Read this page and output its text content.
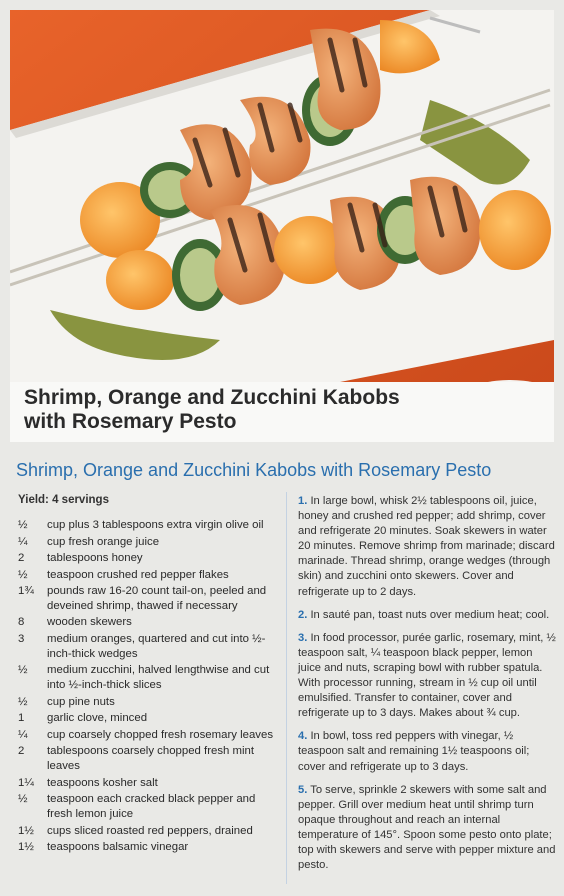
Shrimp, Orange and Zucchini Kabobs
with Rosemary Pesto
Shrimp, Orange and Zucchini Kabobs with Rosemary Pesto
Yield: 4 servings
½	cup plus 3 tablespoons extra virgin olive oil
¼	cup fresh orange juice
2	tablespoons honey
½	teaspoon crushed red pepper flakes
1¾	pounds raw 16-20 count tail-on, peeled and deveined shrimp, thawed if necessary
8	wooden skewers
3	medium oranges, quartered and cut into ½-inch-thick wedges
½	medium zucchini, halved lengthwise and cut into ½-inch-thick slices
½	cup pine nuts
1	garlic clove, minced
¼	cup coarsely chopped fresh rosemary leaves
2	tablespoons coarsely chopped fresh mint leaves
1¼	teaspoons kosher salt
½	teaspoon each cracked black pepper and fresh lemon juice
1½	cups sliced roasted red peppers, drained
1½	teaspoons balsamic vinegar
1. In large bowl, whisk 2½ tablespoons oil, juice, honey and crushed red pepper; add shrimp, cover and refrigerate 20 minutes. Soak skewers in water 20 minutes. Remove shrimp from marinade; discard marinade. Thread shrimp, orange wedges (through skin) and zucchini onto skewers. Cover and refrigerate up to 2 days.
2. In sauté pan, toast nuts over medium heat; cool.
3. In food processor, purée garlic, rosemary, mint, ½ teaspoon salt, ¼ teaspoon black pepper, lemon juice and nuts, scraping bowl with rubber spatula. With processor running, stream in ½ cup oil until emulsified. Transfer to container, cover and refrigerate up to 3 days. Makes about ¾ cup.
4. In bowl, toss red peppers with vinegar, ½ teaspoon salt and remaining 1½ teaspoons oil; cover and refrigerate up to 3 days.
5. To serve, sprinkle 2 skewers with some salt and pepper. Grill over medium heat until shrimp turn opaque throughout and reach an internal temperature of 145°. Spoon some pesto onto plate; top with skewers and serve with pepper mixture and pesto.
